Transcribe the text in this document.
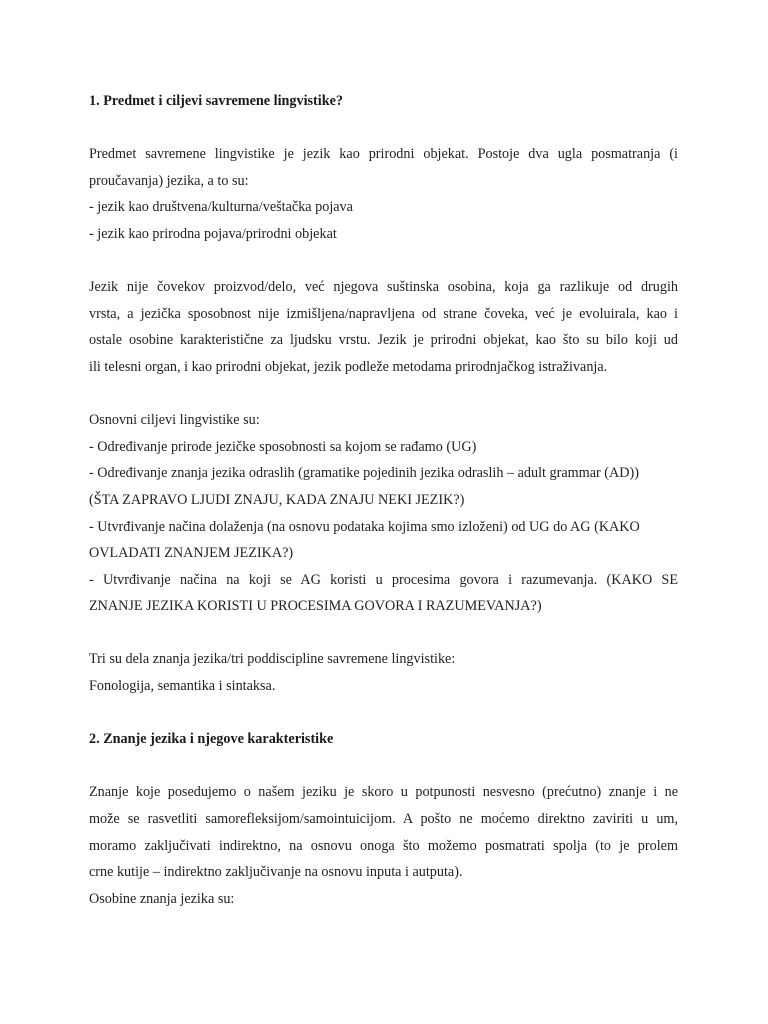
1. Predmet i ciljevi savremene lingvistike?

Predmet savremene lingvistike je jezik kao prirodni objekat. Postoje dva ugla posmatranja (i
proučavanja) jezika, a to su:
- jezik kao društvena/kulturna/veštačka pojava
- jezik kao prirodna pojava/prirodni objekat

Jezik nije čovekov proizvod/delo, već njegova suštinska osobina, koja ga razlikuje od drugih
vrsta, a jezička sposobnost nije izmišljena/napravljena od strane čoveka, već je evoluirala, kao i
ostale osobine karakteristične za ljudsku vrstu. Jezik je prirodni objekat, kao što su bilo koji ud
ili telesni organ, i kao prirodni objekat, jezik podleže metodama prirodnjačkog istraživanja.

Osnovni ciljevi lingvistike su:
- Određivanje prirode jezičke sposobnosti sa kojom se rađamo (UG)
- Određivanje znanja jezika odraslih (gramatike pojedinih jezika odraslih – adult grammar (AD))
(ŠTA ZAPRAVO LJUDI ZNAJU, KADA ZNAJU NEKI JEZIK?)
- Utvrđivanje načina dolaženja (na osnovu podataka kojima smo izloženi) od UG do AG (KAKO
OVLADATI ZNANJEM JEZIKA?)
- Utvrđivanje načina na koji se AG koristi u procesima govora i razumevanja. (KAKO SE
ZNANJE JEZIKA KORISTI U PROCESIMA GOVORA I RAZUMEVANJA?)

Tri su dela znanja jezika/tri poddiscipline savremene lingvistike:
Fonologija, semantika i sintaksa.

2. Znanje jezika i njegove karakteristike

Znanje koje posedujemo o našem jeziku je skoro u potpunosti nesvesno (prećutno) znanje i ne
može se rasvetliti samorefleksijom/samointuicijom. A pošto ne moćemo direktno zaviriti u um,
moramo zaključivati indirektno, na osnovu onoga što možemo posmatrati spolja (to je prolem
crne kutije – indirektno zaključivanje na osnovu inputa i autputa).
Osobine znanja jezika su:
